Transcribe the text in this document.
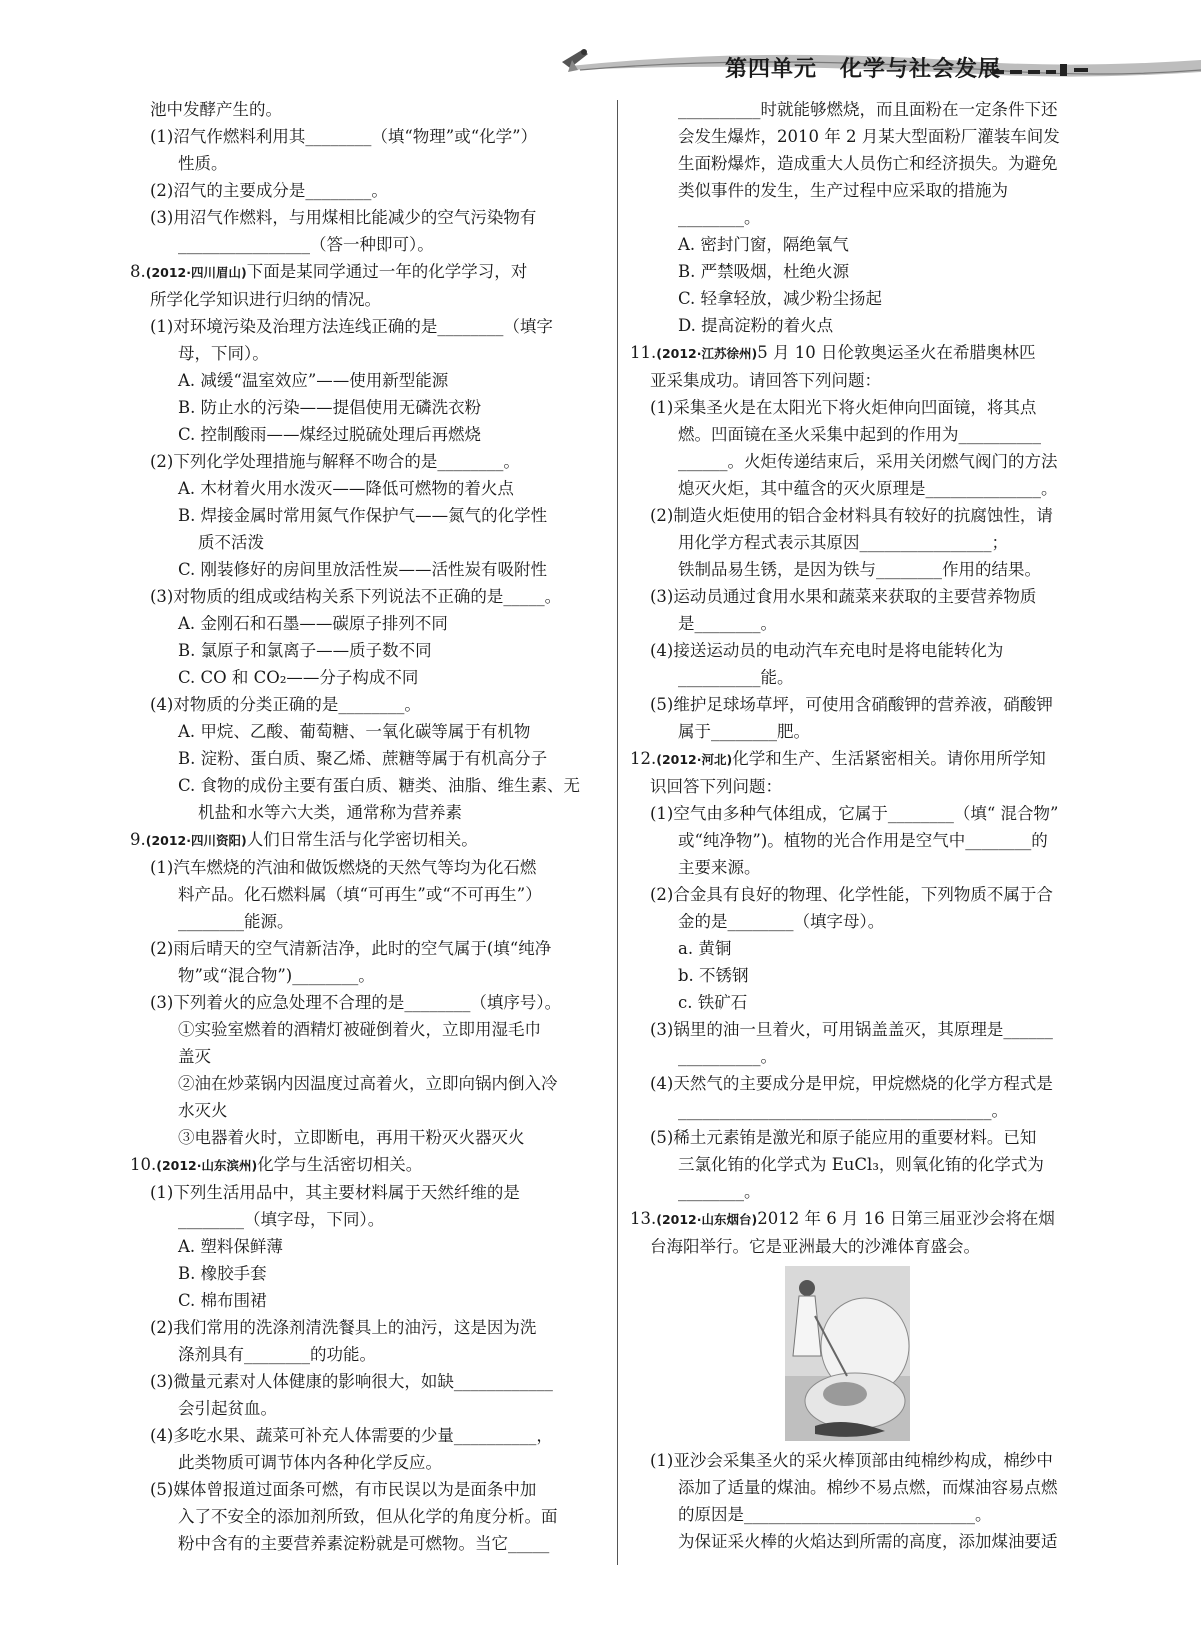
第四单元　化学与社会发展
池中发酵产生的。
(1)沼气作燃料利用其________（填“物理”或“化学”）
性质。
(2)沼气的主要成分是________。
(3)用沼气作燃料，与用煤相比能减少的空气污染物有
________________（答一种即可）。
8.(2012·四川眉山)下面是某同学通过一年的化学学习，对
所学化学知识进行归纳的情况。
(1)对环境污染及治理方法连线正确的是________（填字
母，下同）。
A. 减缓“温室效应”——使用新型能源
B. 防止水的污染——提倡使用无磷洗衣粉
C. 控制酸雨——煤经过脱硫处理后再燃烧
(2)下列化学处理措施与解释不吻合的是________。
A. 木材着火用水泼灭——降低可燃物的着火点
B. 焊接金属时常用氮气作保护气——氮气的化学性
质不活泼
C. 刚装修好的房间里放活性炭——活性炭有吸附性
(3)对物质的组成或结构关系下列说法不正确的是_____。
A. 金刚石和石墨——碳原子排列不同
B. 氯原子和氯离子——质子数不同
C. CO 和 CO₂——分子构成不同
(4)对物质的分类正确的是________。
A. 甲烷、乙酸、葡萄糖、一氧化碳等属于有机物
B. 淀粉、蛋白质、聚乙烯、蔗糖等属于有机高分子
C. 食物的成份主要有蛋白质、糖类、油脂、维生素、无
机盐和水等六大类，通常称为营养素
9.(2012·四川资阳)人们日常生活与化学密切相关。
(1)汽车燃烧的汽油和做饭燃烧的天然气等均为化石燃
料产品。化石燃料属（填“可再生”或“不可再生”）
________能源。
(2)雨后晴天的空气清新洁净，此时的空气属于(填“纯净
物”或“混合物”)________。
(3)下列着火的应急处理不合理的是________（填序号）。
①实验室燃着的酒精灯被碰倒着火，立即用湿毛巾
盖灭
②油在炒菜锅内因温度过高着火，立即向锅内倒入冷
水灭火
③电器着火时，立即断电，再用干粉灭火器灭火
10.(2012·山东滨州)化学与生活密切相关。
(1)下列生活用品中，其主要材料属于天然纤维的是
________（填字母，下同）。
A. 塑料保鲜薄
B. 橡胶手套
C. 棉布围裙
(2)我们常用的洗涤剂清洗餐具上的油污，这是因为洗
涤剂具有________的功能。
(3)微量元素对人体健康的影响很大，如缺____________
会引起贫血。
(4)多吃水果、蔬菜可补充人体需要的少量__________，
此类物质可调节体内各种化学反应。
(5)媒体曾报道过面条可燃，有市民误以为是面条中加
入了不安全的添加剂所致，但从化学的角度分析。面
粉中含有的主要营养素淀粉就是可燃物。当它_____
__________时就能够燃烧，而且面粉在一定条件下还
会发生爆炸，2010 年 2 月某大型面粉厂灌装车间发
生面粉爆炸，造成重大人员伤亡和经济损失。为避免
类似事件的发生，生产过程中应采取的措施为
________。
A. 密封门窗，隔绝氧气
B. 严禁吸烟，杜绝火源
C. 轻拿轻放，减少粉尘扬起
D. 提高淀粉的着火点
11.(2012·江苏徐州)5 月 10 日伦敦奥运圣火在希腊奥林匹
亚采集成功。请回答下列问题：
(1)采集圣火是在太阳光下将火炬伸向凹面镜，将其点
燃。凹面镜在圣火采集中起到的作用为__________
______。火炬传递结束后，采用关闭燃气阀门的方法
熄灭火炬，其中蕴含的灭火原理是______________。
(2)制造火炬使用的铝合金材料具有较好的抗腐蚀性，请
用化学方程式表示其原因________________；
铁制品易生锈，是因为铁与________作用的结果。
(3)运动员通过食用水果和蔬菜来获取的主要营养物质
是________。
(4)接送运动员的电动汽车充电时是将电能转化为
__________能。
(5)维护足球场草坪，可使用含硝酸钾的营养液，硝酸钾
属于________肥。
12.(2012·河北)化学和生产、生活紧密相关。请你用所学知
识回答下列问题：
(1)空气由多种气体组成，它属于________（填“ 混合物”
或“纯净物”)。植物的光合作用是空气中________的
主要来源。
(2)合金具有良好的物理、化学性能，下列物质不属于合
金的是________（填字母）。
a. 黄铜
b. 不锈钢
c. 铁矿石
(3)锅里的油一旦着火，可用锅盖盖灭，其原理是______
__________。
(4)天然气的主要成分是甲烷，甲烷燃烧的化学方程式是
______________________________________。
(5)稀土元素铕是激光和原子能应用的重要材料。已知
三氯化铕的化学式为 EuCl₃，则氧化铕的化学式为
________。
13.(2012·山东烟台)2012 年 6 月 16 日第三届亚沙会将在烟
台海阳举行。它是亚洲最大的沙滩体育盛会。
(1)亚沙会采集圣火的采火棒顶部由纯棉纱构成，棉纱中
添加了适量的煤油。棉纱不易点燃，而煤油容易点燃
的原因是____________________________。
为保证采火棒的火焰达到所需的高度，添加煤油要适
